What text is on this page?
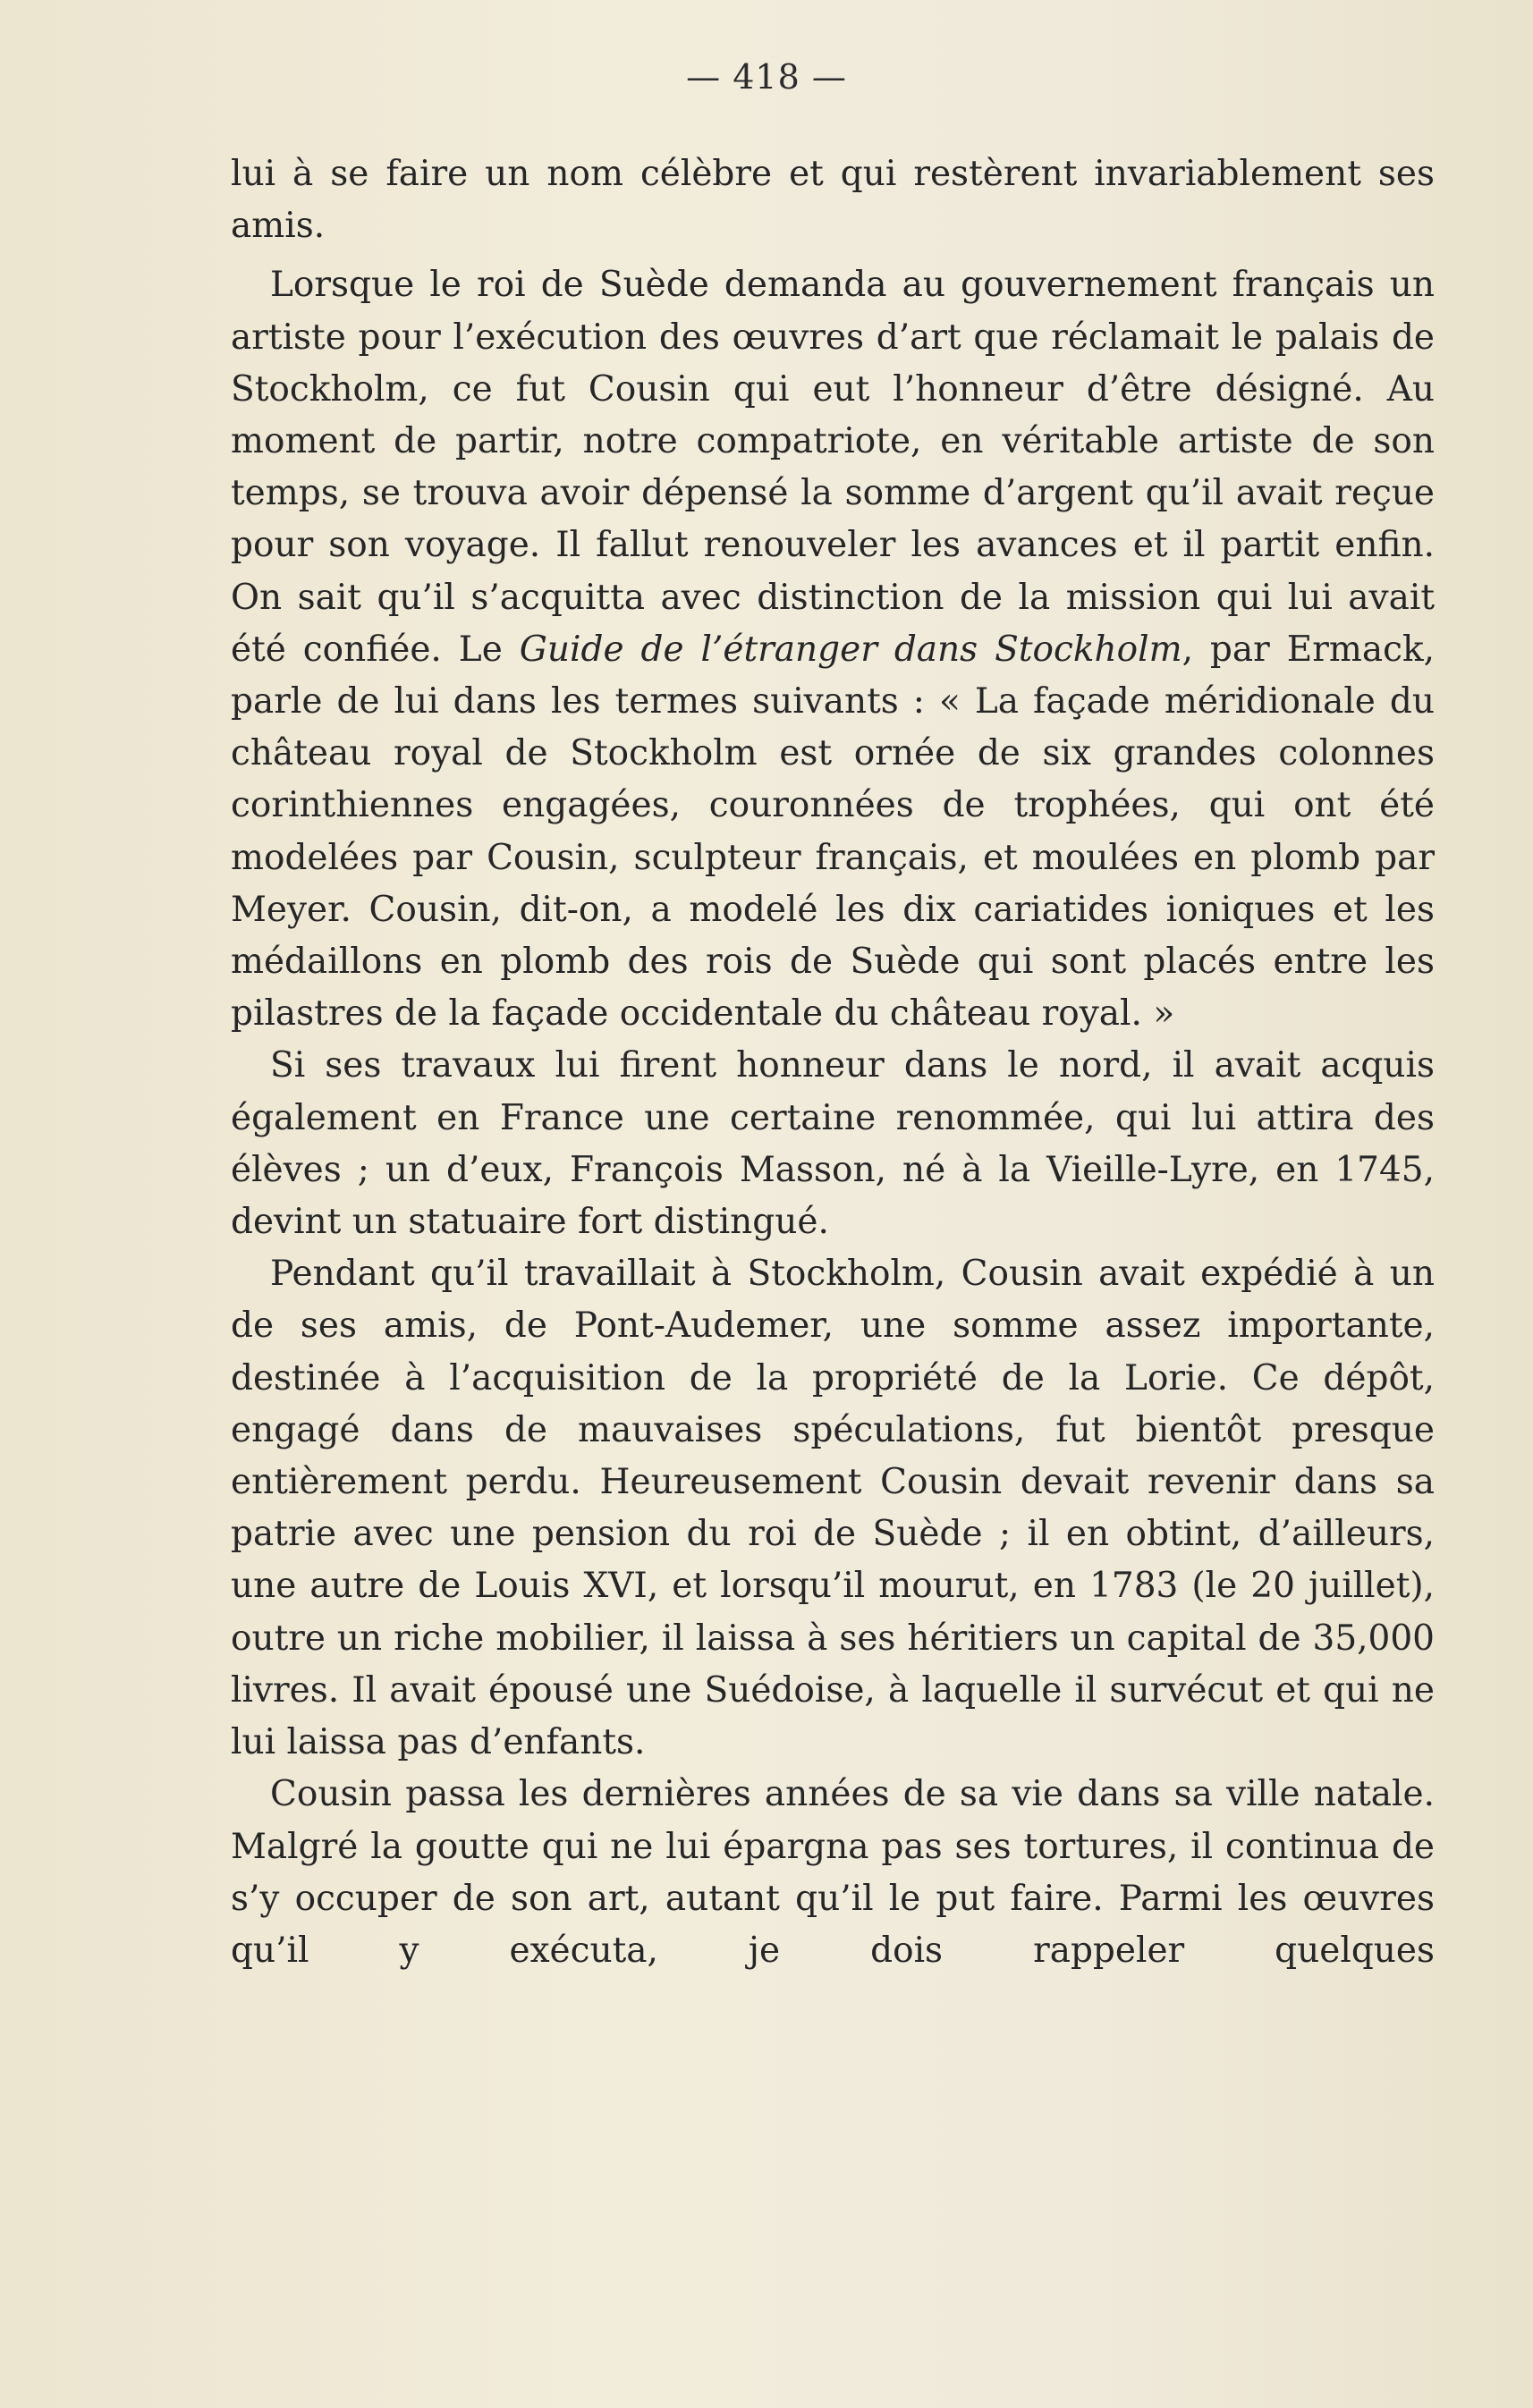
— 418 —

lui à se faire un nom célèbre et qui restèrent invariablement ses amis.

Lorsque le roi de Suède demanda au gouvernement français un artiste pour l’exécution des œuvres d’art que réclamait le palais de Stockholm, ce fut Cousin qui eut l’honneur d’être désigné. Au moment de partir, notre compatriote, en véritable artiste de son temps, se trouva avoir dépensé la somme d’argent qu’il avait reçue pour son voyage. Il fallut renouveler les avances et il partit enfin. On sait qu’il s’acquitta avec distinction de la mission qui lui avait été confiée. Le Guide de l’étranger dans Stockholm, par Ermack, parle de lui dans les termes suivants : « La façade méridionale du château royal de Stockholm est ornée de six grandes colonnes corinthiennes engagées, couronnées de trophées, qui ont été modelées par Cousin, sculpteur français, et moulées en plomb par Meyer. Cousin, dit-on, a modelé les dix cariatides ioniques et les médaillons en plomb des rois de Suède qui sont placés entre les pilastres de la façade occidentale du château royal. »

Si ses travaux lui firent honneur dans le nord, il avait acquis également en France une certaine renommée, qui lui attira des élèves ; un d’eux, François Masson, né à la Vieille-Lyre, en 1745, devint un statuaire fort distingué.

Pendant qu’il travaillait à Stockholm, Cousin avait expédié à un de ses amis, de Pont-Audemer, une somme assez importante, destinée à l’acquisition de la propriété de la Lorie. Ce dépôt, engagé dans de mauvaises spéculations, fut bientôt presque entièrement perdu. Heureusement Cousin devait revenir dans sa patrie avec une pension du roi de Suède ; il en obtint, d’ailleurs, une autre de Louis XVI, et lorsqu’il mourut, en 1783 (le 20 juillet), outre un riche mobilier, il laissa à ses héritiers un capital de 35,000 livres. Il avait épousé une Suédoise, à laquelle il survécut et qui ne lui laissa pas d’enfants.

Cousin passa les dernières années de sa vie dans sa ville natale. Malgré la goutte qui ne lui épargna pas ses tortures, il continua de s’y occuper de son art, autant qu’il le put faire. Parmi les œuvres qu’il y exécuta, je dois rappeler quelques
